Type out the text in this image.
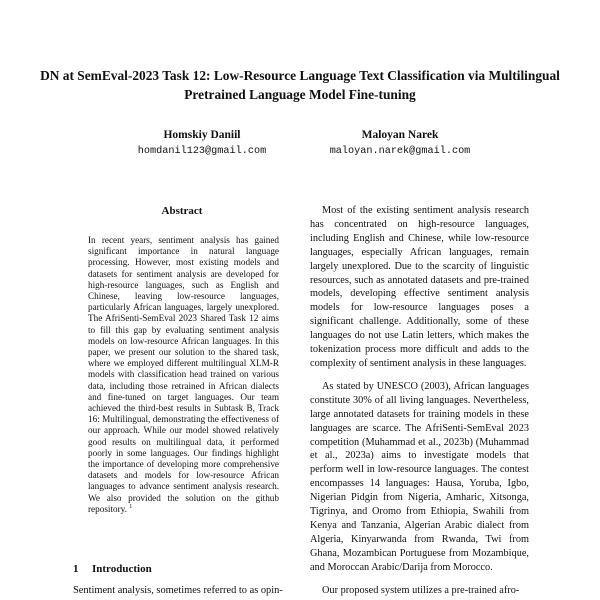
DN at SemEval-2023 Task 12: Low-Resource Language Text Classification via Multilingual Pretrained Language Model Fine-tuning
Homskiy Daniil
homdanil123@gmail.com
Maloyan Narek
maloyan.narek@gmail.com
Abstract

In recent years, sentiment analysis has gained significant importance in natural language processing. However, most existing models and datasets for sentiment analysis are developed for high-resource languages, such as English and Chinese, leaving low-resource languages, particularly African languages, largely unexplored. The AfriSenti-SemEval 2023 Shared Task 12 aims to fill this gap by evaluating sentiment analysis models on low-resource African languages. In this paper, we present our solution to the shared task, where we employed different multilingual XLM-R models with classification head trained on various data, including those retrained in African dialects and fine-tuned on target languages. Our team achieved the third-best results in Subtask B, Track 16: Multilingual, demonstrating the effectiveness of our approach. While our model showed relatively good results on multilingual data, it performed poorly in some languages. Our findings highlight the importance of developing more comprehensive datasets and models for low-resource African languages to advance sentiment analysis research. We also provided the solution on the github repository. $^1$

1 Introduction

Sentiment analysis, sometimes referred to as opin-

Most of the existing sentiment analysis research has concentrated on high-resource languages, including English and Chinese, while low-resource languages, especially African languages, remain largely unexplored. Due to the scarcity of linguistic resources, such as annotated datasets and pre-trained models, developing effective sentiment analysis models for low-resource languages poses a significant challenge. Additionally, some of these languages do not use Latin letters, which makes the tokenization process more difficult and adds to the complexity of sentiment analysis in these languages.

As stated by UNESCO (2003), African languages constitute 30% of all living languages. Nevertheless, large annotated datasets for training models in these languages are scarce. The AfriSenti-SemEval 2023 competition (Muhammad et al., 2023b) (Muhammad et al., 2023a) aims to investigate models that perform well in low-resource languages. The contest encompasses 14 languages: Hausa, Yoruba, Igbo, Nigerian Pidgin from Nigeria, Amharic, Xitsonga, Tigrinya, and Oromo from Ethiopia, Swahili from Kenya and Tanzania, Algerian Arabic dialect from Algeria, Kinyarwanda from Rwanda, Twi from Ghana, Mozambican Portuguese from Mozambique, and Moroccan Arabic/Darija from Morocco.

Our proposed system utilizes a pre-trained afro-
